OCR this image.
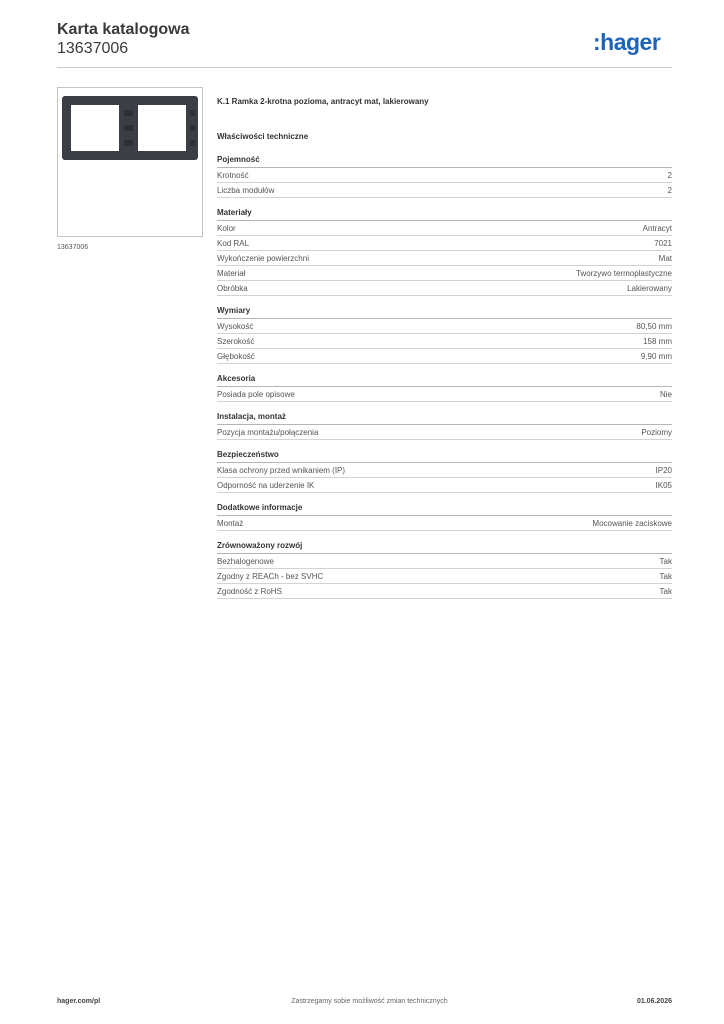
Karta katalogowa
13637006	:hager
13637006
K.1 Ramka 2-krotna pozioma, antracyt mat, lakierowany
Właściwości techniczne
Pojemność
Krotność	2
Liczba modułów	2
Materiały
Kolor	Antracyt
Kod RAL	7021
Wykończenie powierzchni	Mat
Materiał	Tworzywo termoplastyczne
Obróbka	Lakierowany
Wymiary
Wysokość	80,50 mm
Szerokość	158 mm
Głębokość	9,90 mm
Akcesoria
Posiada pole opisowe	Nie
Instalacja, montaż
Pozycja montażu/połączenia	Poziomy
Bezpieczeństwo
Klasa ochrony przed wnikaniem (IP)	IP20
Odporność na uderzenie IK	IK05
Dodatkowe informacje
Montaż	Mocowanie zaciskowe
Zrównoważony rozwój
Bezhalogenowe	Tak
Zgodny z REACh - bez SVHC	Tak
Zgodność z RoHS	Tak
hager.com/pl	Zastrzegamy sobie możliwość zmian technicznych	01.06.2026
